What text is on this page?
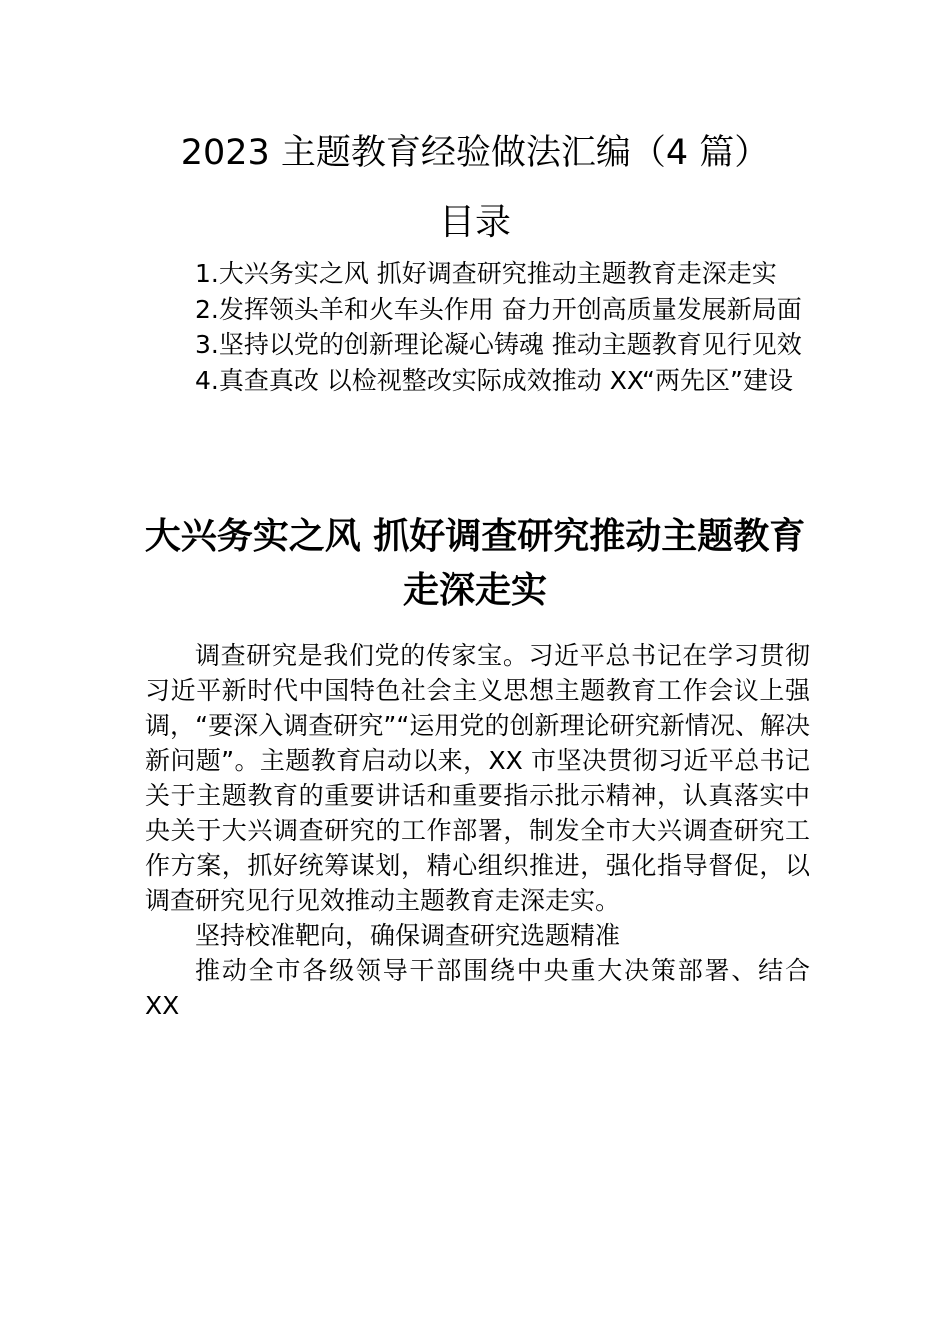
2023 主题教育经验做法汇编（4 篇）
目录
1.大兴务实之风 抓好调查研究推动主题教育走深走实
2.发挥领头羊和火车头作用 奋力开创高质量发展新局面
3.坚持以党的创新理论凝心铸魂 推动主题教育见行见效
4.真查真改 以检视整改实际成效推动 XX“两先区”建设
大兴务实之风 抓好调查研究推动主题教育走深走实

调查研究是我们党的传家宝。习近平总书记在学习贯彻习近平新时代中国特色社会主义思想主题教育工作会议上强调，“要深入调查研究”“运用党的创新理论研究新情况、解决新问题”。主题教育启动以来，XX 市坚决贯彻习近平总书记关于主题教育的重要讲话和重要指示批示精神，认真落实中央关于大兴调查研究的工作部署，制发全市大兴调查研究工作方案，抓好统筹谋划，精心组织推进，强化指导督促，以调查研究见行见效推动主题教育走深走实。

坚持校准靶向，确保调查研究选题精准

推动全市各级领导干部围绕中央重大决策部署、结合 XX
